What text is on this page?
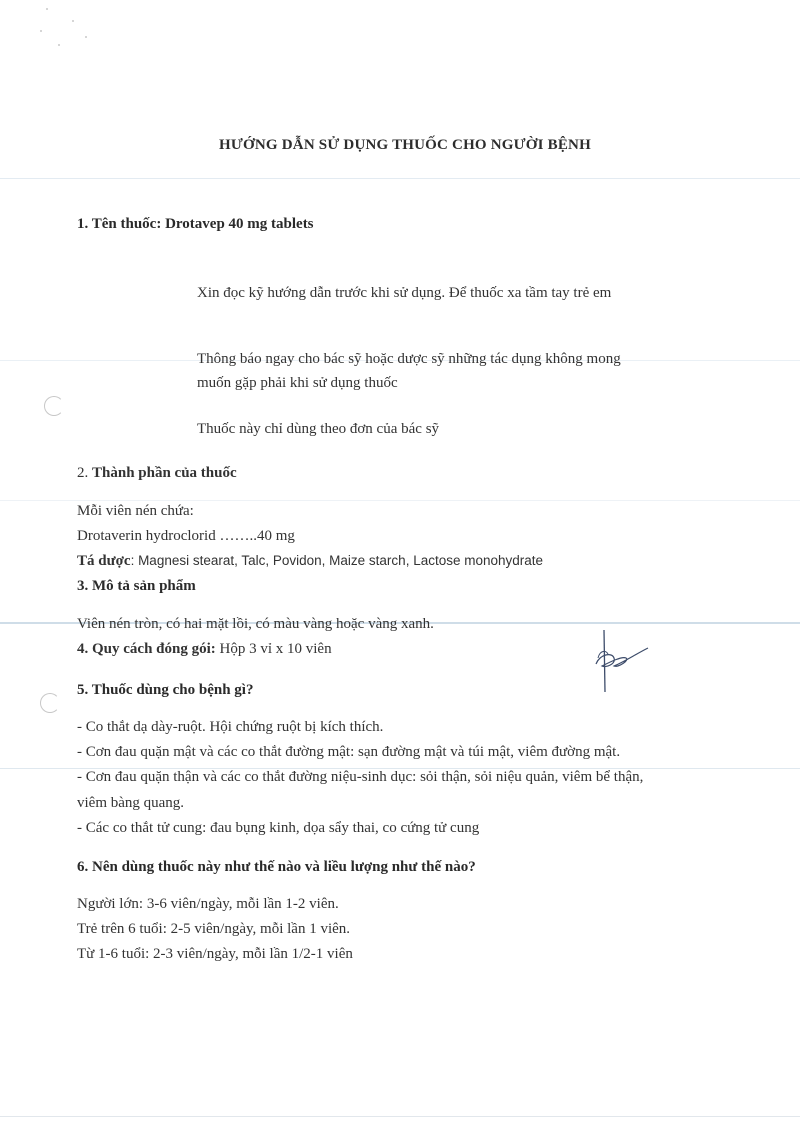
HƯỚNG DẪN SỬ DỤNG THUỐC CHO NGƯỜI BỆNH
1. Tên thuốc: Drotavep 40 mg tablets
Xin đọc kỹ hướng dẫn trước khi sử dụng. Để thuốc xa tầm tay trẻ em
Thông báo ngay cho bác sỹ hoặc dược sỹ những tác dụng không mong muốn gặp phải khi sử dụng thuốc
Thuốc này chỉ dùng theo đơn của bác sỹ
2. Thành phần của thuốc
Mỗi viên nén chứa:
Drotaverin hydroclorid ……..40 mg
Tá dược: Magnesi stearat, Talc, Povidon, Maize starch, Lactose monohydrate
3. Mô tả sản phẩm
Viên nén tròn, có hai mặt lồi, có màu vàng hoặc vàng xanh.
4. Quy cách đóng gói: Hộp 3 vỉ x 10 viên
5. Thuốc dùng cho bệnh gì?
- Co thắt dạ dày-ruột. Hội chứng ruột bị kích thích.
- Cơn đau quặn mật và các co thắt đường mật: sạn đường mật và túi mật, viêm đường mật.
- Cơn đau quặn thận và các co thắt đường niệu-sinh dục: sỏi thận, sỏi niệu quản, viêm bể thận,
viêm bàng quang.
- Các co thắt tử cung: đau bụng kinh, dọa sẩy thai, co cứng tử cung
6. Nên dùng thuốc này như thế nào và liều lượng như thế nào?
Người lớn: 3-6 viên/ngày, mỗi lần 1-2 viên.
Trẻ trên 6 tuổi: 2-5 viên/ngày, mỗi lần 1 viên.
Từ 1-6 tuổi: 2-3 viên/ngày, mỗi lần 1/2-1 viên
